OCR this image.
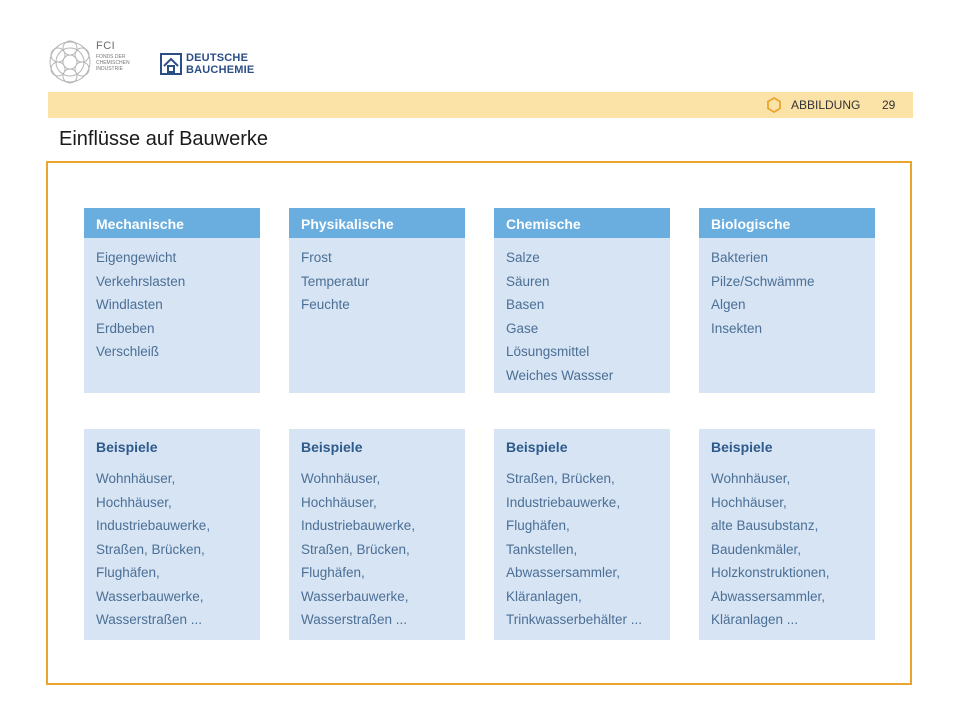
FCI
FONDS DER
CHEMISCHEN
INDUSTRIE
DEUTSCHE
BAUCHEMIE
ABBILDUNG 29
Einflüsse auf Bauwerke
Mechanische
Eigengewicht
Verkehrslasten
Windlasten
Erdbeben
Verschleiß
Physikalische
Frost
Temperatur
Feuchte
Chemische
Salze
Säuren
Basen
Gase
Lösungsmittel
Weiches Wassser
Biologische
Bakterien
Pilze/Schwämme
Algen
Insekten
Beispiele
Wohnhäuser,
Hochhäuser,
Industriebauwerke,
Straßen, Brücken,
Flughäfen,
Wasserbauwerke,
Wasserstraßen ...
Beispiele
Wohnhäuser,
Hochhäuser,
Industriebauwerke,
Straßen, Brücken,
Flughäfen,
Wasserbauwerke,
Wasserstraßen ...
Beispiele
Straßen, Brücken,
Industriebauwerke,
Flughäfen,
Tankstellen,
Abwassersammler,
Kläranlagen,
Trinkwasserbehälter ...
Beispiele
Wohnhäuser,
Hochhäuser,
alte Bausubstanz,
Baudenkmäler,
Holzkonstruktionen,
Abwassersammler,
Kläranlagen ...
